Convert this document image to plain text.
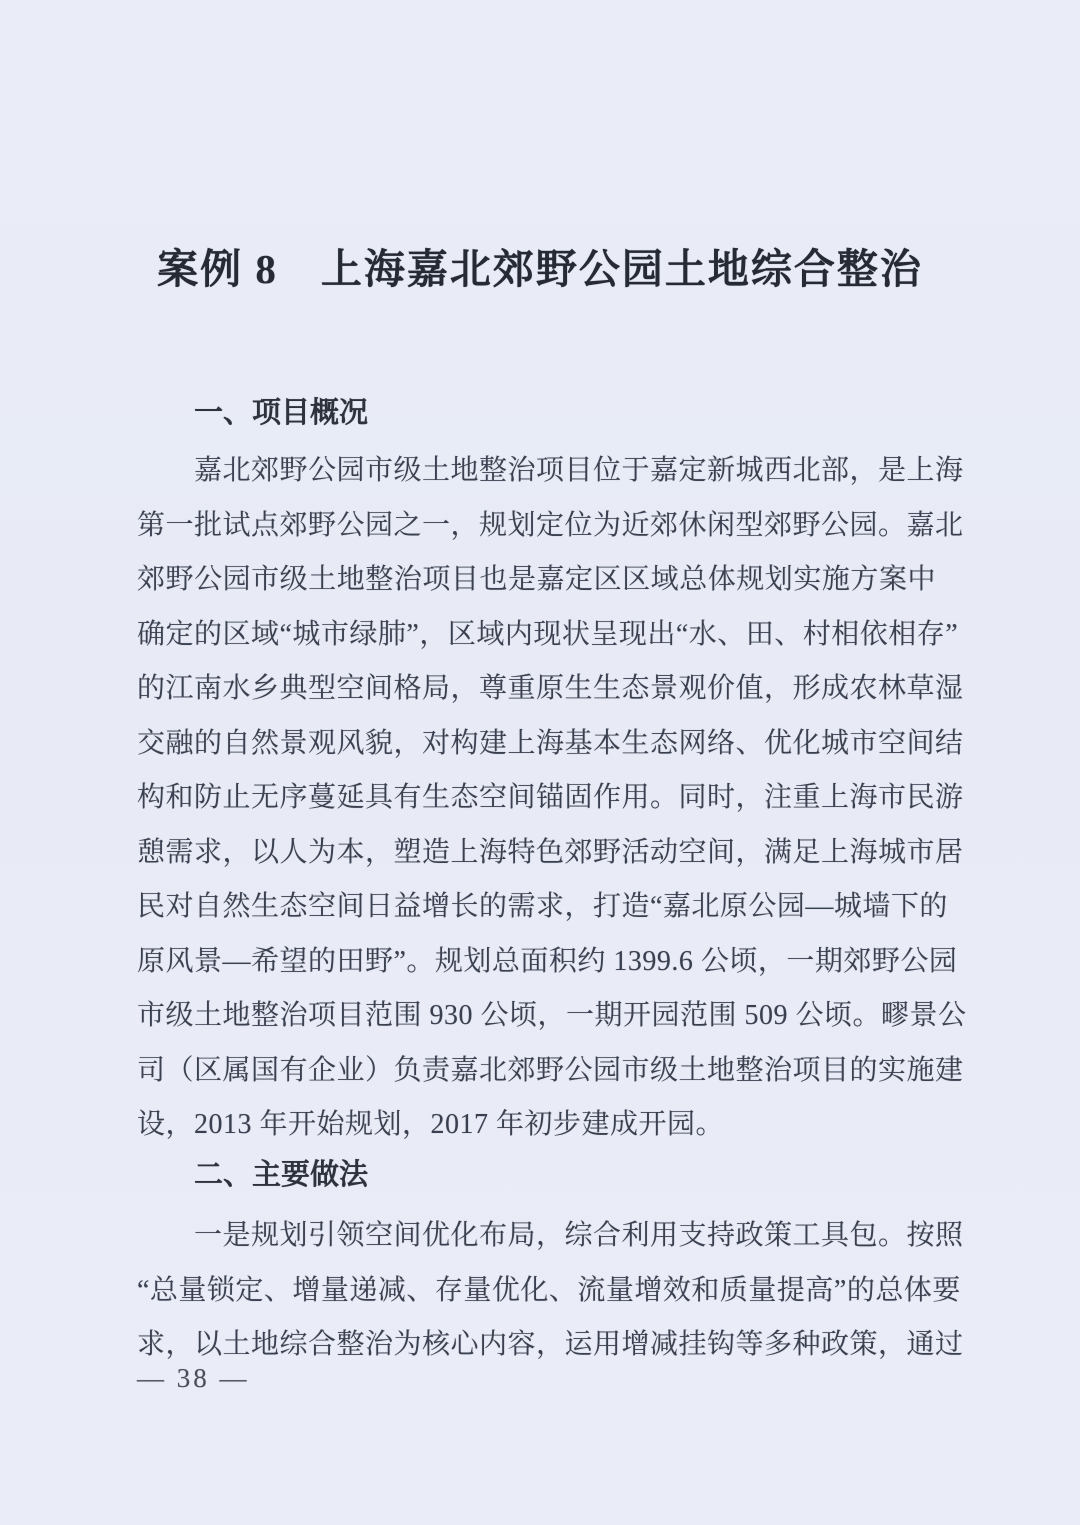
案例 8　上海嘉北郊野公园土地综合整治
一、项目概况
嘉北郊野公园市级土地整治项目位于嘉定新城西北部，是上海
第一批试点郊野公园之一，规划定位为近郊休闲型郊野公园。嘉北
郊野公园市级土地整治项目也是嘉定区区域总体规划实施方案中
确定的区域“城市绿肺”，区域内现状呈现出“水、田、村相依相存”
的江南水乡典型空间格局，尊重原生生态景观价值，形成农林草湿
交融的自然景观风貌，对构建上海基本生态网络、优化城市空间结
构和防止无序蔓延具有生态空间锚固作用。同时，注重上海市民游
憩需求，以人为本，塑造上海特色郊野活动空间，满足上海城市居
民对自然生态空间日益增长的需求，打造“嘉北原公园—城墙下的
原风景—希望的田野”。规划总面积约 1399.6 公顷，一期郊野公园
市级土地整治项目范围 930 公顷，一期开园范围 509 公顷。疁景公
司（区属国有企业）负责嘉北郊野公园市级土地整治项目的实施建
设，2013 年开始规划，2017 年初步建成开园。
二、主要做法
一是规划引领空间优化布局，综合利用支持政策工具包。按照
“总量锁定、增量递减、存量优化、流量增效和质量提高”的总体要
求，以土地综合整治为核心内容，运用增减挂钩等多种政策，通过
— 38 —
